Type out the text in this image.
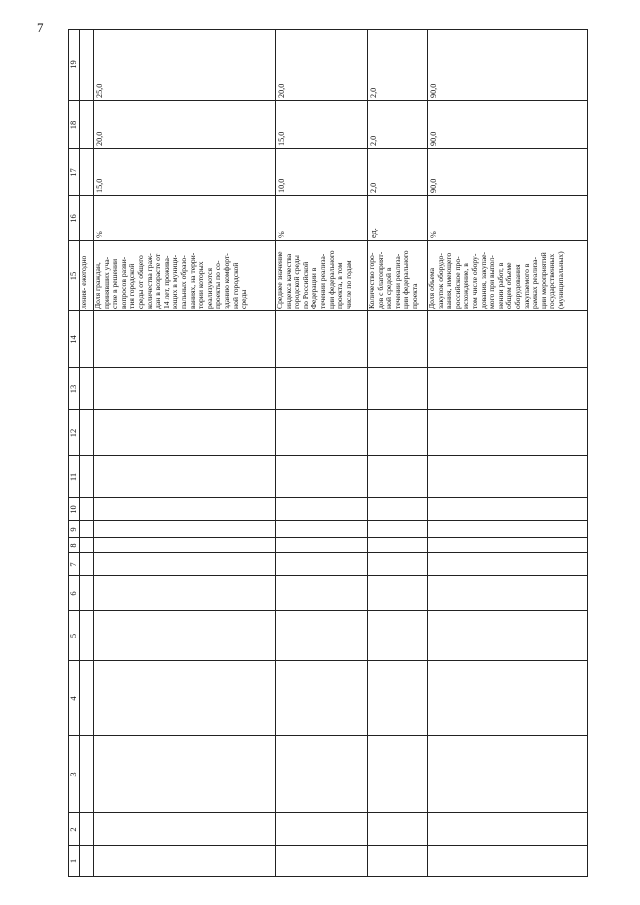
7
1
2
3
4
5
6
7
8
9
10
11
12
13
14
15
16
17
18
19
ления- ежегодно Доля граждан,
принявших уча-
стие в решении
вопросов разви-
тия городской
среды от общего
количества граж-
дан в возрасте от
14 лет, прожива-
ющих в муници-
пальных образо-
ваниях, на терри-
тории которых
реализуются
проекты по со-
зданию комфорт-
ной городской
среды
%
15,0
20,0
25,0
Среднее значение
индекса качества
городской среды
по Российской
Федерации в
течении реализа-
ции федерального
проекта, в том
числе по годам
%
10,0
15,0
20,0
Количество горо-
дов с благоприят-
ной средой в
течении реализа-
ции федерального
проекта
ед.
2,0
2,0
2,0
Доля объема
закупок оборудо-
вания, имеющего
российское про-
исхождение, в
том числе обору-
дования, закупае-
мого при выпол-
нении работ, в
общем объеме
оборудования
закупаемого в
рамках реализа-
ции мероприятий
государственных
(муниципальных)
%
90,0
90,0
90,0
